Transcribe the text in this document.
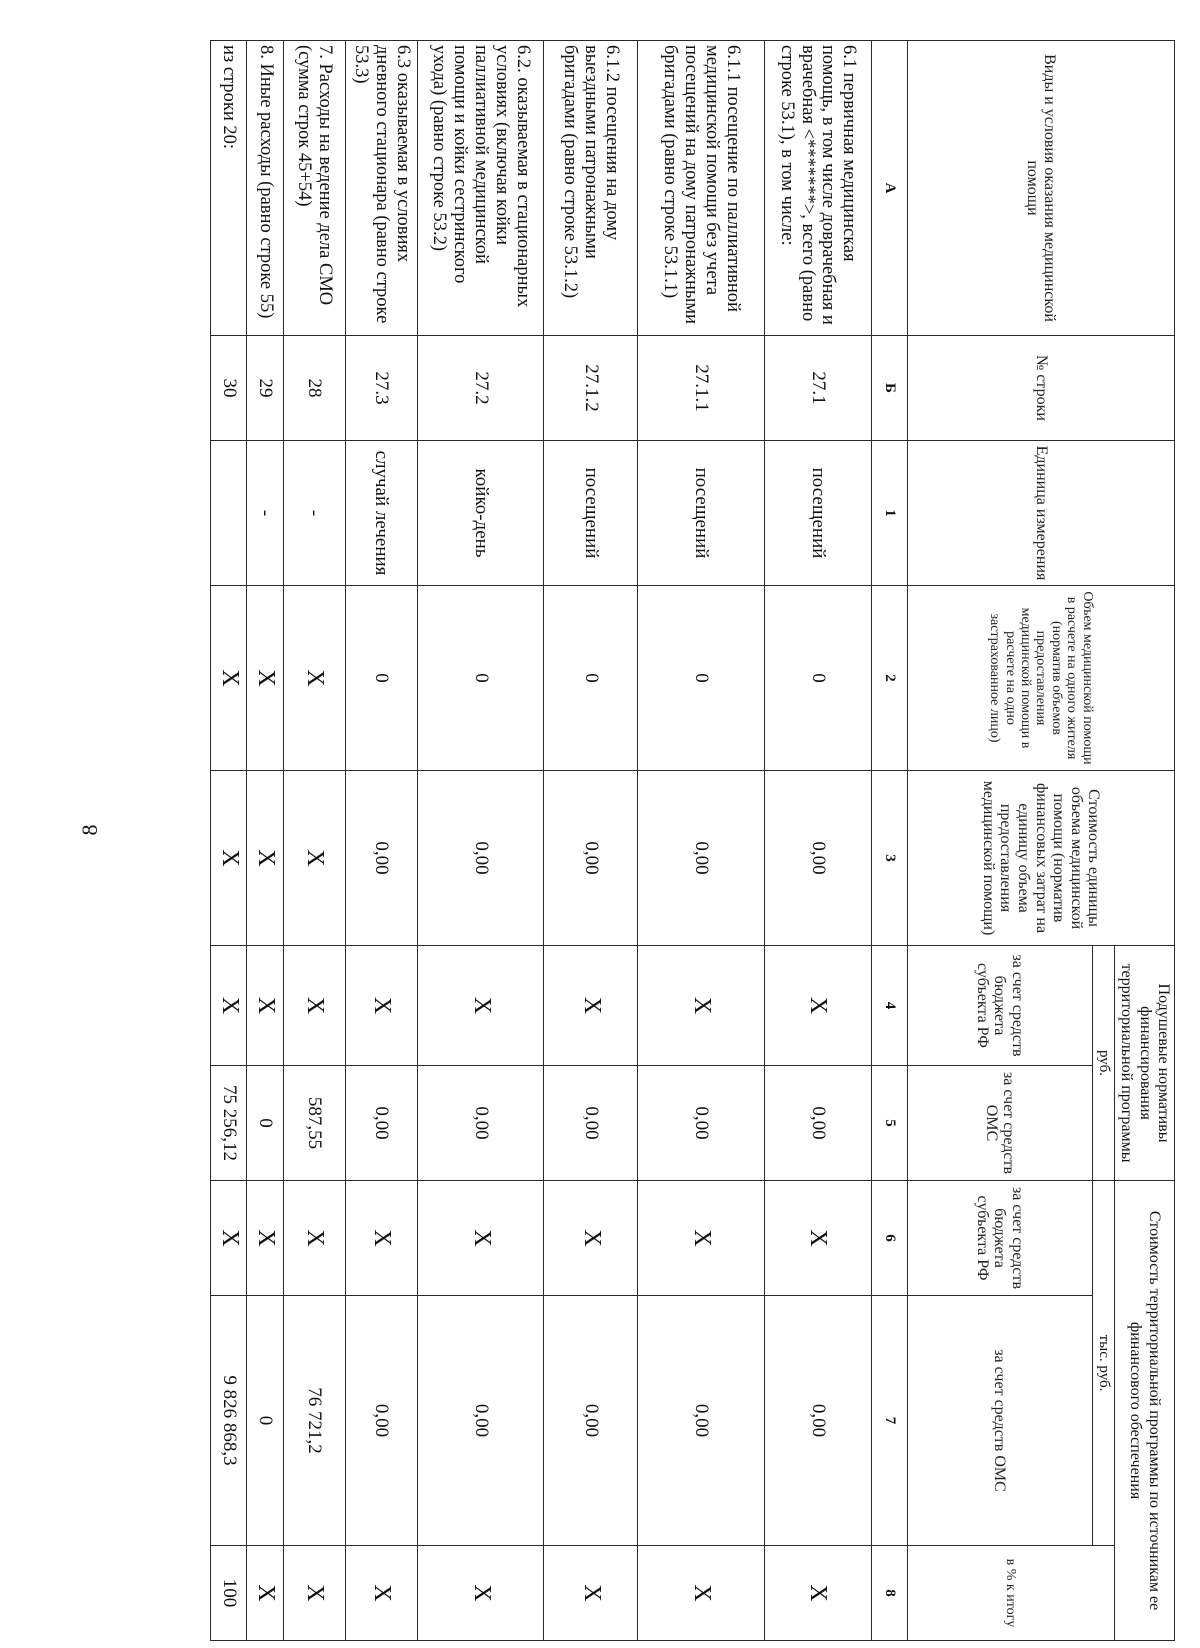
8
Виды и условия оказания медицинской помощи	№ строки	Единица измерения	Объем медицинской помощи в расчете на одного жителя (норматив объемов предоставления медицинской помощи в расчете на одно застрахованное лицо)	Стоимость единицы объема медицинской помощи (норматив финансовых затрат на единицу объема предоставления медицинской помощи)	Подушевые нормативы финансирования территориальной программы		Стоимость территориальной программы по источникам ее финансового обеспечения		
					руб.		тыс. руб.		в % к итогу
					за счет средств бюджета субъекта РФ	за счет средств ОМС	за счет средств бюджета субъекта РФ	за счет средств ОМС	
А	Б	1	2	3	4	5	6	7	8
6.1 первичная медицинская помощь, в том числе доврачебная и врачебная <*******>, всего (равно строке 53.1), в том числе:	27.1	посещений	0	0,00	X	0,00	X	0,00	X
6.1.1 посещение по паллиативной медицинской помощи без учета посещений на дому патронажными бригадами (равно строке 53.1.1)	27.1.1	посещений	0	0,00	X	0,00	X	0,00	X
6.1.2 посещения на дому выездными патронажными бригадами (равно строке 53.1.2)	27.1.2	посещений	0	0,00	X	0,00	X	0,00	X
6.2. оказываемая в стационарных условиях (включая койки паллиативной медицинской помощи и койки сестринского ухода) (равно строке 53.2)	27.2	койко-день	0	0,00	X	0,00	X	0,00	X
6.3 оказываемая в условиях дневного стационара (равно строке 53.3)	27.3	случай лечения	0	0,00	X	0,00	X	0,00	X
7. Расходы на ведение дела СМО (сумма строк 45+54)	28	-	X	X	X	587,55	X	76 721,2	X
8. Иные расходы (равно строке 55)	29	-	X	X	X	0	X	0	X
из строки 20:	30		X	X	X	75 256,12	X	9 826 868,3	100
